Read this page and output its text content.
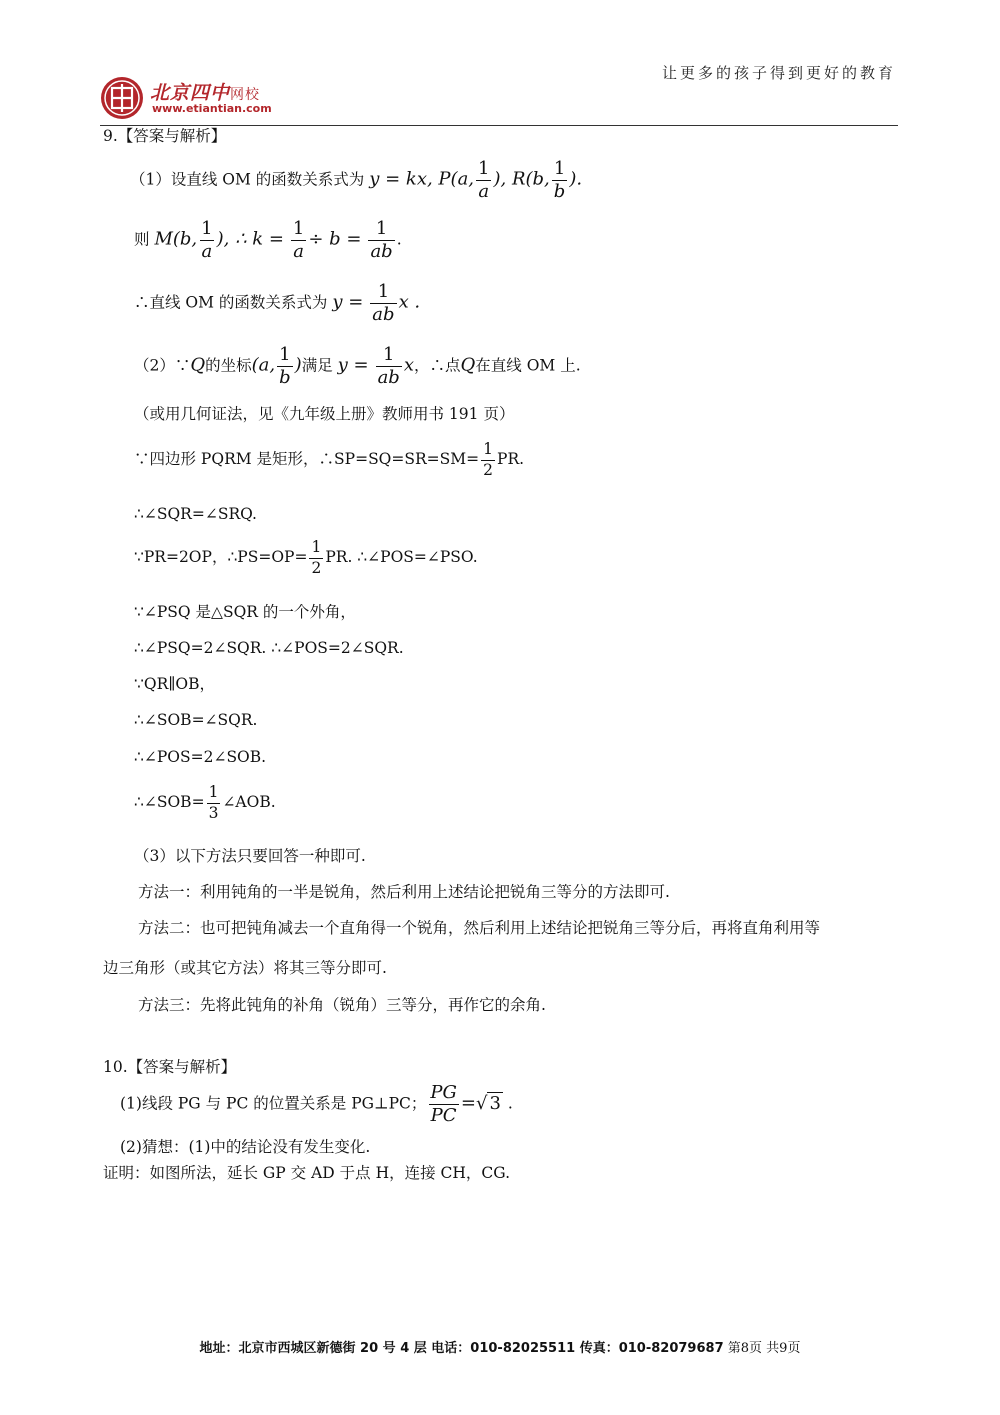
让更多的孩子得到更好的教育
北京四中网校
www.etiantian.com
9.【答案与解析】
（1）设直线 OM 的函数关系式为 y = kx, P(a, $\frac{1}{a}$ ), R(b, $\frac{1}{b}$ ).
则 M(b, $\frac{1}{a}$ ), ∴ $k = \frac{1}{a} \div b = \frac{1}{ab}$ .
∴直线 OM 的函数关系式为 $y = \frac{1}{ab}$ x .
（2）∵Q的坐标(a, $\frac{1}{b}$ )满足 $y = \frac{1}{ab}$ x，∴点Q在直线 OM 上.
（或用几何证法，见《九年级上册》教师用书 191 页）
∵四边形 PQRM 是矩形，∴SP=SQ=SR=SM= $\frac{1}{2}$ PR.
∴∠SQR=∠SRQ.
∵PR=2OP，∴PS=OP= $\frac{1}{2}$ PR. ∴∠POS=∠PSO.
∵∠PSQ 是△SQR 的一个外角，
∴∠PSQ=2∠SQR. ∴∠POS=2∠SQR.
∵QR∥OB，
∴∠SOB=∠SQR.
∴∠POS=2∠SOB.
∴∠SOB= $\frac{1}{3}$ ∠AOB.
（3）以下方法只要回答一种即可.
方法一：利用钝角的一半是锐角，然后利用上述结论把锐角三等分的方法即可.
方法二：也可把钝角减去一个直角得一个锐角，然后利用上述结论把锐角三等分后，再将直角利用等
边三角形（或其它方法）将其三等分即可.
方法三：先将此钝角的补角（锐角）三等分，再作它的余角.
10.【答案与解析】
(1)线段 PG 与 PC 的位置关系是 PG⊥PC； $\frac{PG}{PC}$ =√ 3 .
(2)猜想：(1)中的结论没有发生变化.
证明：如图所法，延长 GP 交 AD 于点 H，连接 CH，CG.
地址：北京市西城区新德街 20 号 4 层 电话：010-82025511 传真：010-82079687 第8页 共9页
